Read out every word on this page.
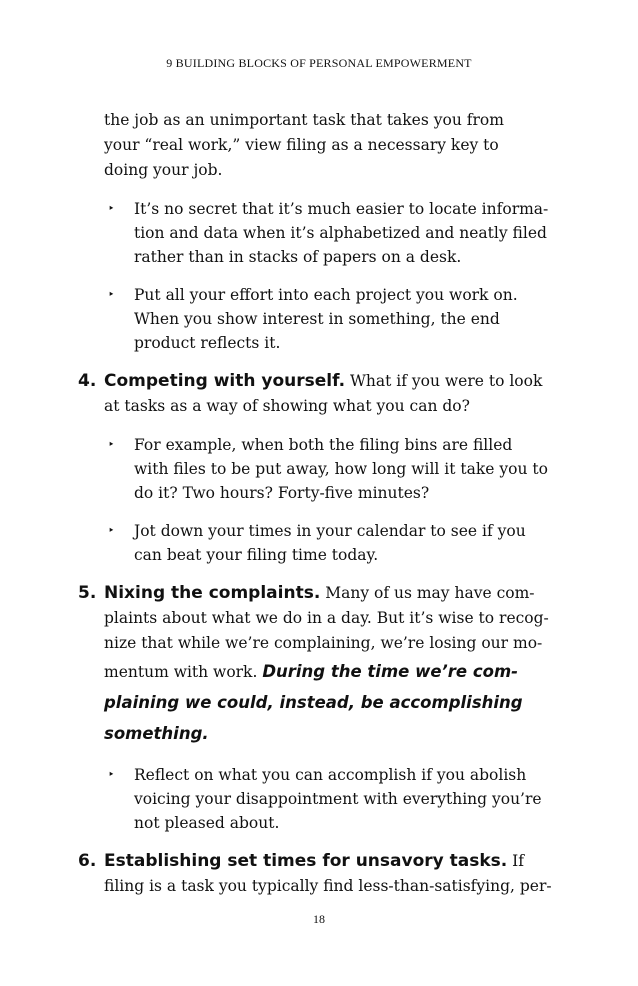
9 BUILDING BLOCKS OF PERSONAL EMPOWERMENT

the job as an unimportant task that takes you from your “real work,” view filing as a necessary key to doing your job.

‣ It’s no secret that it’s much easier to locate informa-tion and data when it’s alphabetized and neatly filed rather than in stacks of papers on a desk.
‣ Put all your effort into each project you work on. When you show interest in something, the end product reflects it.
4. Competing with yourself. What if you were to look at tasks as a way of showing what you can do?
‣ For example, when both the filing bins are filled with files to be put away, how long will it take you to do it? Two hours? Forty-five minutes?
‣ Jot down your times in your calendar to see if you can beat your filing time today.
5. Nixing the complaints. Many of us may have com-plaints about what we do in a day. But it’s wise to recog-nize that while we’re complaining, we’re losing our mo-mentum with work. During the time we’re com-plaining we could, instead, be accomplishing something.
‣ Reflect on what you can accomplish if you abolish voicing your disappointment with everything you’re not pleased about.
6. Establishing set times for unsavory tasks. If filing is a task you typically find less-than-satisfying, per-
18
